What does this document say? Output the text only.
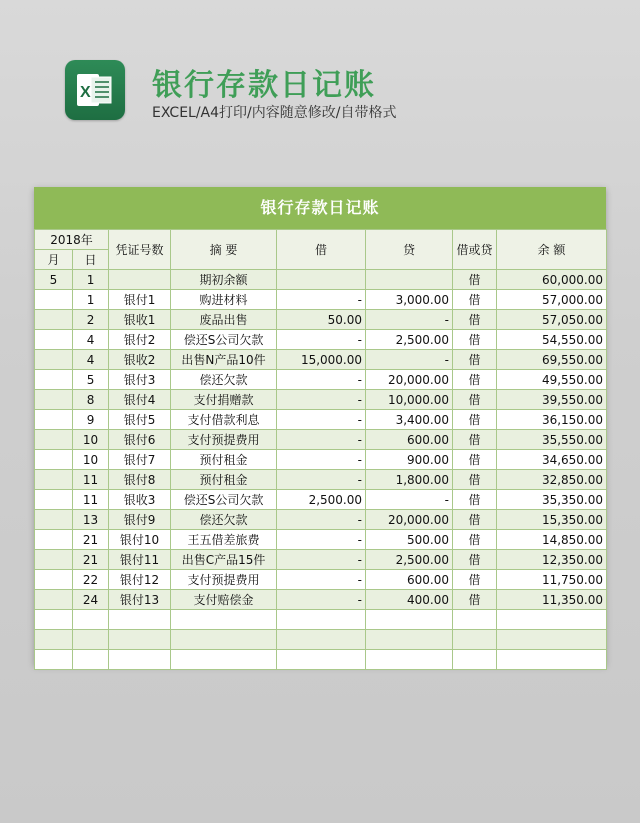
X 银行存款日记账
EXCEL/A4打印/内容随意修改/自带格式
银行存款日记账
2018年		凭证号数	摘 要	借	贷	借或贷	余 额
月	日						
5	1		期初余额			借	60,000.00
	1	银付1	购进材料	-	3,000.00	借	57,000.00
	2	银收1	废品出售	50.00	-	借	57,050.00
	4	银付2	偿还S公司欠款	-	2,500.00	借	54,550.00
	4	银收2	出售N产品10件	15,000.00	-	借	69,550.00
	5	银付3	偿还欠款	-	20,000.00	借	49,550.00
	8	银付4	支付捐赠款	-	10,000.00	借	39,550.00
	9	银付5	支付借款利息	-	3,400.00	借	36,150.00
	10	银付6	支付预提费用	-	600.00	借	35,550.00
	10	银付7	预付租金	-	900.00	借	34,650.00
	11	银付8	预付租金	-	1,800.00	借	32,850.00
	11	银收3	偿还S公司欠款	2,500.00	-	借	35,350.00
	13	银付9	偿还欠款	-	20,000.00	借	15,350.00
	21	银付10	王五借差旅费	-	500.00	借	14,850.00
	21	银付11	出售C产品15件	-	2,500.00	借	12,350.00
	22	银付12	支付预提费用	-	600.00	借	11,750.00
	24	银付13	支付赔偿金	-	400.00	借	11,350.00
